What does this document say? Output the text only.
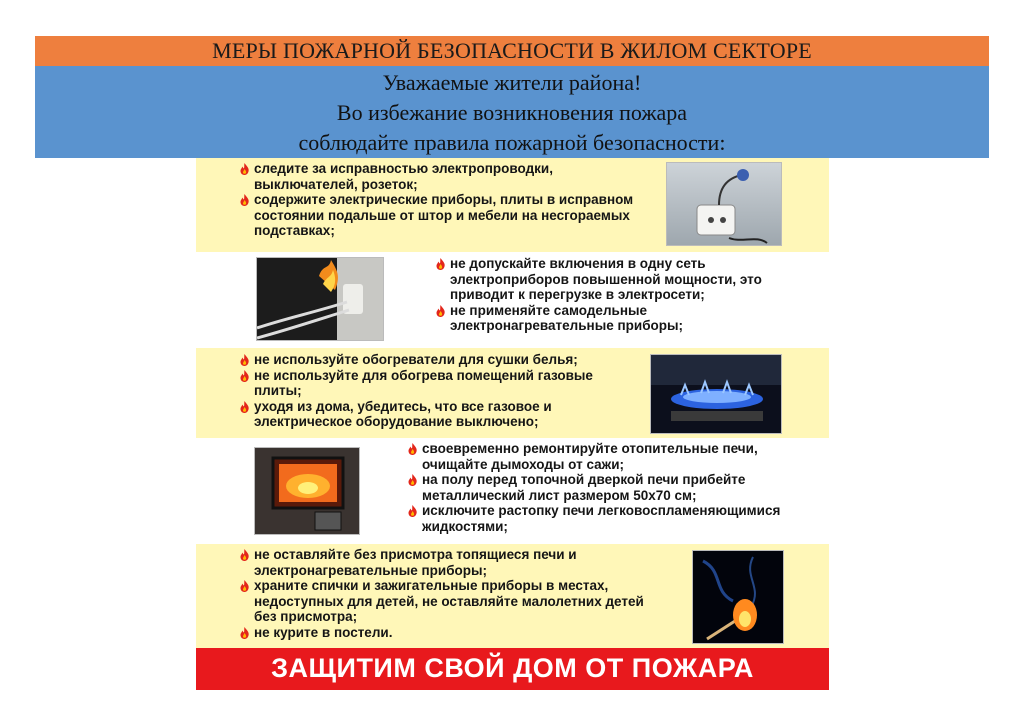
МЕРЫ ПОЖАРНОЙ БЕЗОПАСНОСТИ В ЖИЛОМ СЕКТОРЕ
Уважаемые жители района!
Во избежание возникновения пожара
соблюдайте правила пожарной безопасности:
следите за исправностью электропроводки, выключателей, розеток;
содержите электрические приборы, плиты в исправном состоянии подальше от штор и мебели на несгораемых подставках;
не допускайте включения в одну сеть электроприборов повышенной мощности, это приводит к перегрузке в электросети;
не применяйте самодельные электронагревательные приборы;
не используйте обогреватели для сушки белья;
не используйте для обогрева помещений газовые плиты;
уходя из дома, убедитесь, что все газовое и электрическое оборудование выключено;
своевременно ремонтируйте отопительные печи, очищайте дымоходы от сажи;
на полу перед топочной дверкой печи прибейте металлический лист размером 50х70 см;
исключите растопку печи легковоспламеняющимися жидкостями;
не оставляйте без присмотра топящиеся печи и электронагревательные приборы;
храните спички и зажигательные приборы в местах, недоступных для детей, не оставляйте малолетних детей без присмотра;
не курите в постели.
ЗАЩИТИМ СВОЙ ДОМ ОТ ПОЖАРА
